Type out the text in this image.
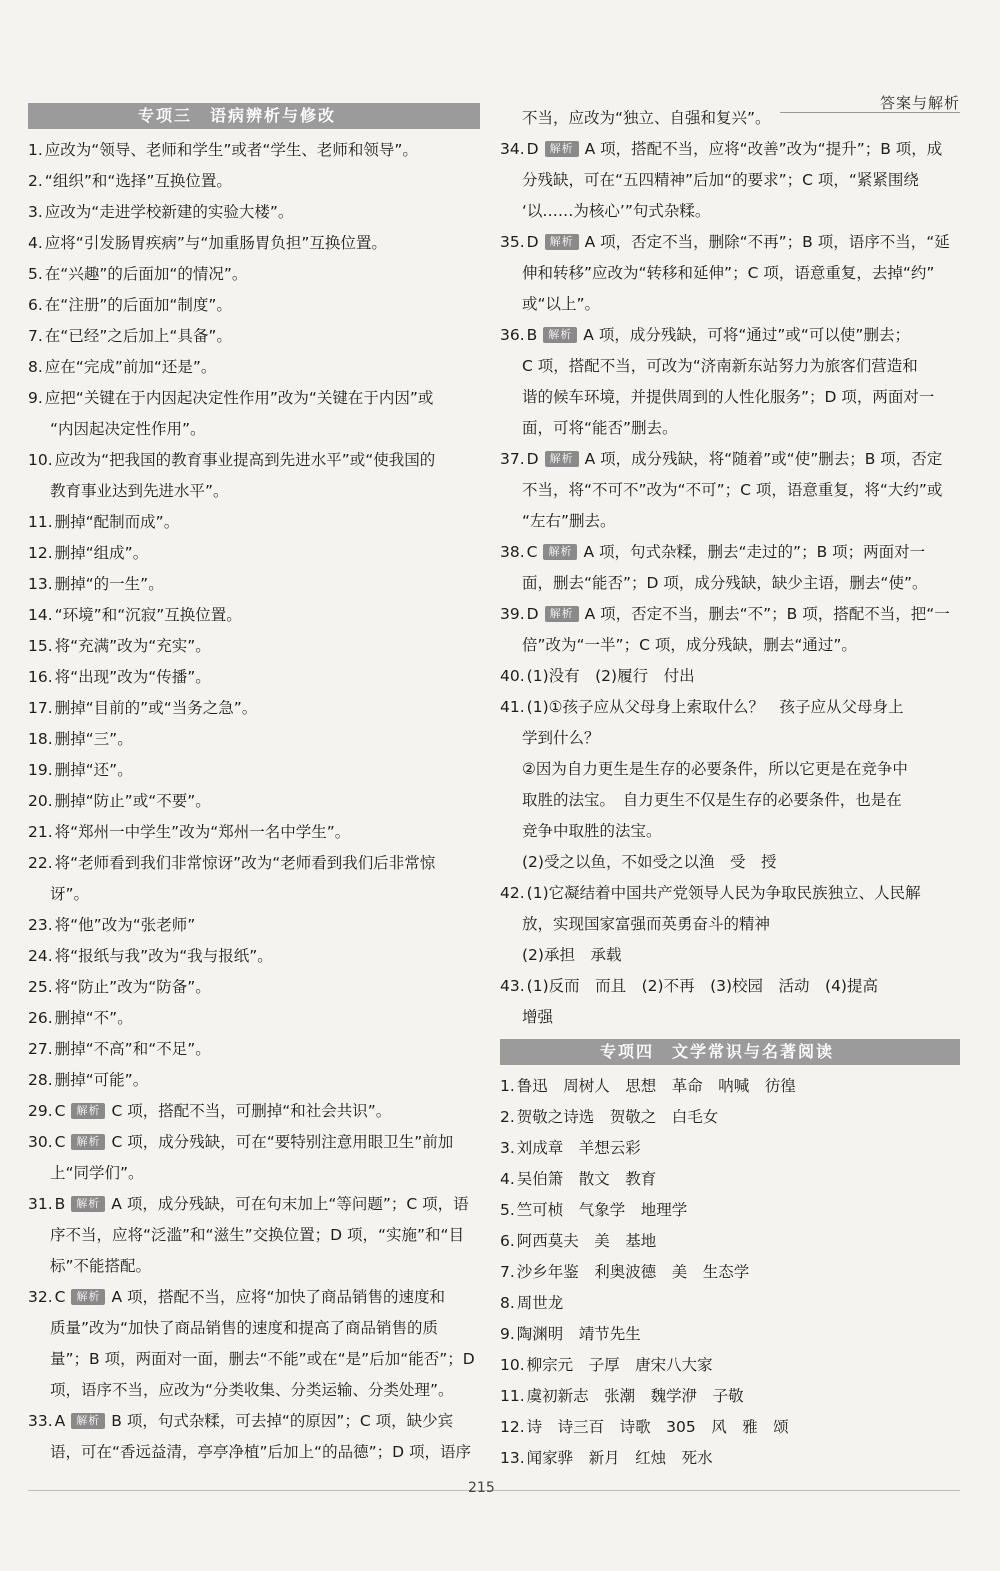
答案与解析
专项三　语病辨析与修改
1. 应改为“领导、老师和学生”或者“学生、老师和领导”。
2. “组织”和“选择”互换位置。
3. 应改为“走进学校新建的实验大楼”。
4. 应将“引发肠胃疾病”与“加重肠胃负担”互换位置。
5. 在“兴趣”的后面加“的情况”。
6. 在“注册”的后面加“制度”。
7. 在“已经”之后加上“具备”。
8. 应在“完成”前加“还是”。
9. 应把“关键在于内因起决定性作用”改为“关键在于内因”或
“内因起决定性作用”。
10. 应改为“把我国的教育事业提高到先进水平”或“使我国的
教育事业达到先进水平”。
11. 删掉“配制而成”。
12. 删掉“组成”。
13. 删掉“的一生”。
14. “环境”和“沉寂”互换位置。
15. 将“充满”改为“充实”。
16. 将“出现”改为“传播”。
17. 删掉“目前的”或“当务之急”。
18. 删掉“三”。
19. 删掉“还”。
20. 删掉“防止”或“不要”。
21. 将“郑州一中学生”改为“郑州一名中学生”。
22. 将“老师看到我们非常惊讶”改为“老师看到我们后非常惊
讶”。
23. 将“他”改为“张老师”
24. 将“报纸与我”改为“我与报纸”。
25. 将“防止”改为“防备”。
26. 删掉“不”。
27. 删掉“不高”和“不足”。
28. 删掉“可能”。
29. C 解析 C 项，搭配不当，可删掉“和社会共识”。
30. C 解析 C 项，成分残缺，可在“要特别注意用眼卫生”前加
上“同学们”。
31. B 解析 A 项，成分残缺，可在句末加上“等问题”；C 项，语
序不当，应将“泛滥”和“滋生”交换位置；D 项，“实施”和“目
标”不能搭配。
32. C 解析 A 项，搭配不当，应将“加快了商品销售的速度和
质量”改为“加快了商品销售的速度和提高了商品销售的质
量”；B 项，两面对一面，删去“不能”或在“是”后加“能否”；D
项，语序不当，应改为“分类收集、分类运输、分类处理”。
33. A 解析 B 项，句式杂糅，可去掉“的原因”；C 项，缺少宾
语，可在“香远益清，亭亭净植”后加上“的品德”；D 项，语序
不当，应改为“独立、自强和复兴”。
34. D 解析 A 项，搭配不当，应将“改善”改为“提升”；B 项，成
分残缺，可在“五四精神”后加“的要求”；C 项，“紧紧围绕
‘以……为核心’”句式杂糅。
35. D 解析 A 项，否定不当，删除“不再”；B 项，语序不当，“延
伸和转移”应改为“转移和延伸”；C 项，语意重复，去掉“约”
或“以上”。
36. B 解析 A 项，成分残缺，可将“通过”或“可以使”删去；
C 项，搭配不当，可改为“济南新东站努力为旅客们营造和
谐的候车环境，并提供周到的人性化服务”；D 项，两面对一
面，可将“能否”删去。
37. D 解析 A 项，成分残缺，将“随着”或“使”删去；B 项，否定
不当，将“不可不”改为“不可”；C 项，语意重复，将“大约”或
“左右”删去。
38. C 解析 A 项，句式杂糅，删去“走过的”；B 项；两面对一
面，删去“能否”；D 项，成分残缺，缺少主语，删去“使”。
39. D 解析 A 项，否定不当，删去“不”；B 项，搭配不当，把“一
倍”改为“一半”；C 项，成分残缺，删去“通过”。
40. (1)没有　(2)履行　付出
41. (1)①孩子应从父母身上索取什么？　孩子应从父母身上
学到什么？
②因为自力更生是生存的必要条件，所以它更是在竞争中
取胜的法宝。　自力更生不仅是生存的必要条件，也是在
竞争中取胜的法宝。
(2)受之以鱼，不如受之以渔　受　授
42. (1)它凝结着中国共产党领导人民为争取民族独立、人民解
放，实现国家富强而英勇奋斗的精神
(2)承担　承载
43. (1)反而　而且　(2)不再　(3)校园　活动　(4)提高
增强
专项四　文学常识与名著阅读
1. 鲁迅　周树人　思想　革命　呐喊　彷徨
2. 贺敬之诗选　贺敬之　白毛女
3. 刘成章　羊想云彩
4. 吴伯箫　散文　教育
5. 竺可桢　气象学　地理学
6. 阿西莫夫　美　基地
7. 沙乡年鉴　利奥波德　美　生态学
8. 周世龙
9. 陶渊明　靖节先生
10. 柳宗元　子厚　唐宋八大家
11. 虞初新志　张潮　魏学洢　子敬
12. 诗　诗三百　诗歌　305　风　雅　颂
13. 闻家骅　新月　红烛　死水
215
